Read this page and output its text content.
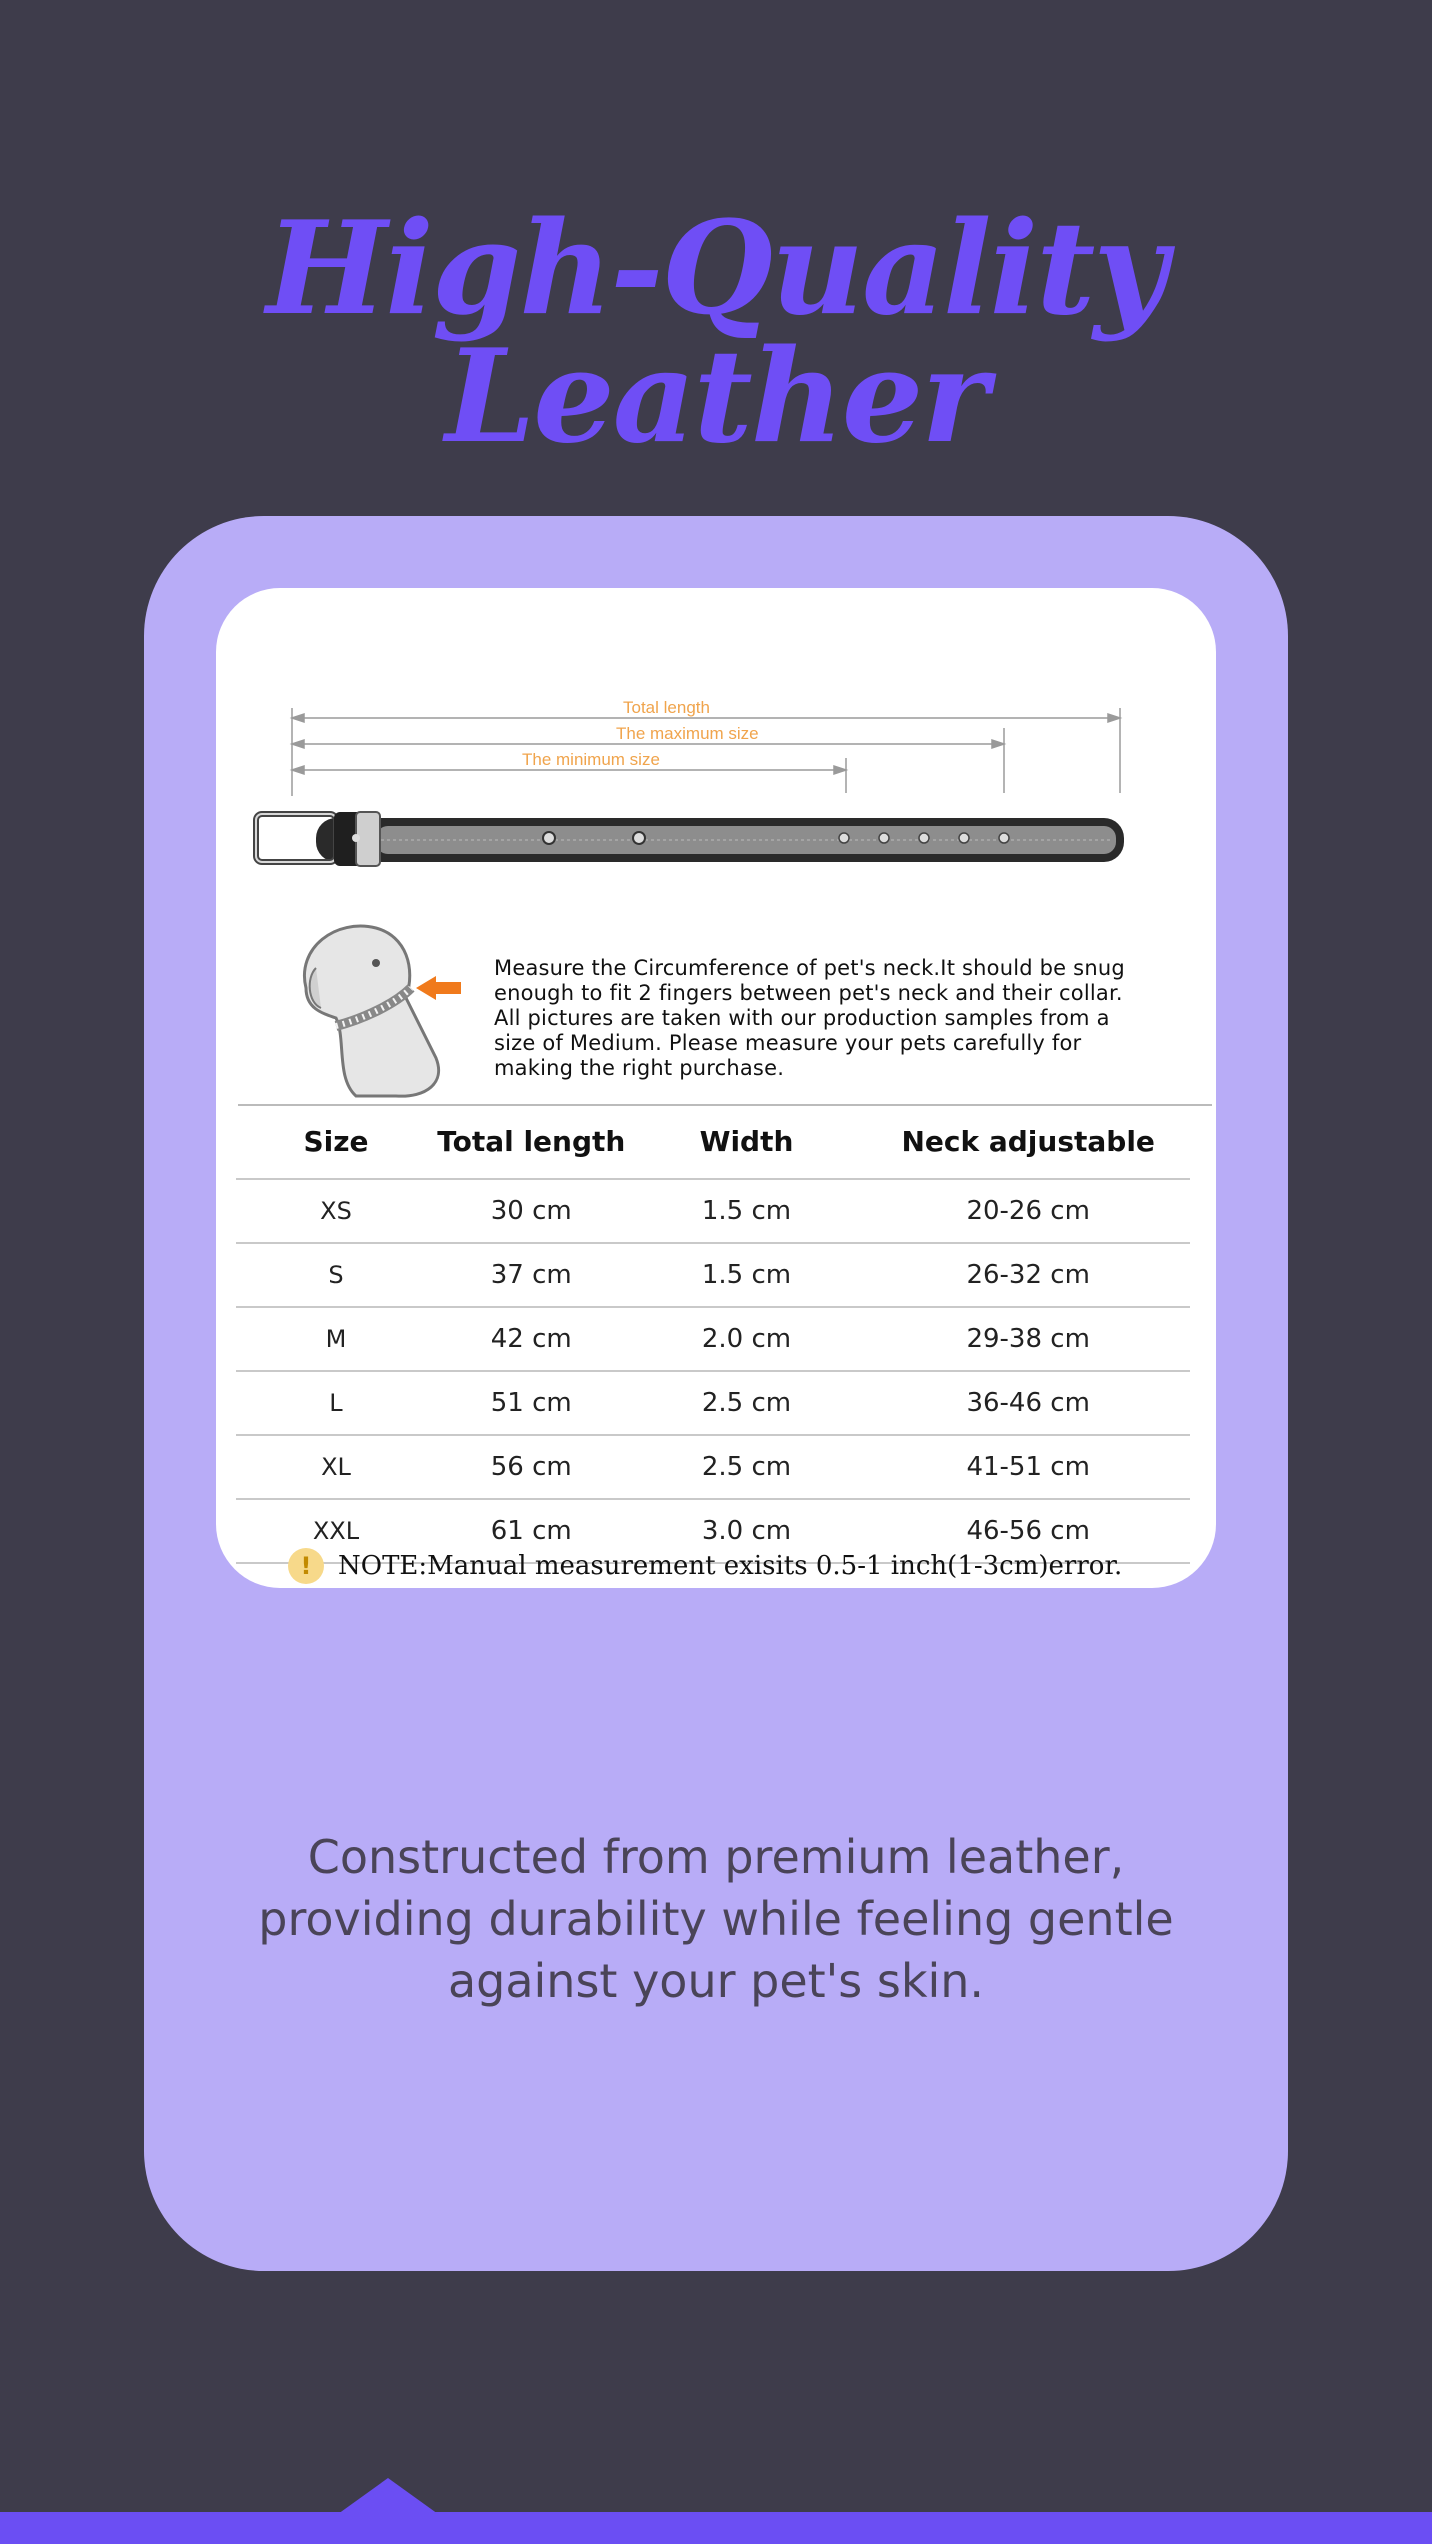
High-Quality Leather
Total length
The maximum size
The minimum size
Measure the Circumference of pet's neck.It should be snug
enough to fit 2 fingers between pet's neck and their collar.
All pictures are taken with our production samples from a
size of Medium. Please measure your pets carefully for
making the right purchase.
Size	Total length	Width	Neck adjustable
XS	30 cm	1.5 cm	20-26 cm
S	37 cm	1.5 cm	26-32 cm
M	42 cm	2.0 cm	29-38 cm
L	51 cm	2.5 cm	36-46 cm
XL	56 cm	2.5 cm	41-51 cm
XXL	61 cm	3.0 cm	46-56 cm
!	NOTE:Manual measurement exisits 0.5-1 inch(1-3cm)error.
Constructed from premium leather,
providing durability while feeling gentle
against your pet's skin.
